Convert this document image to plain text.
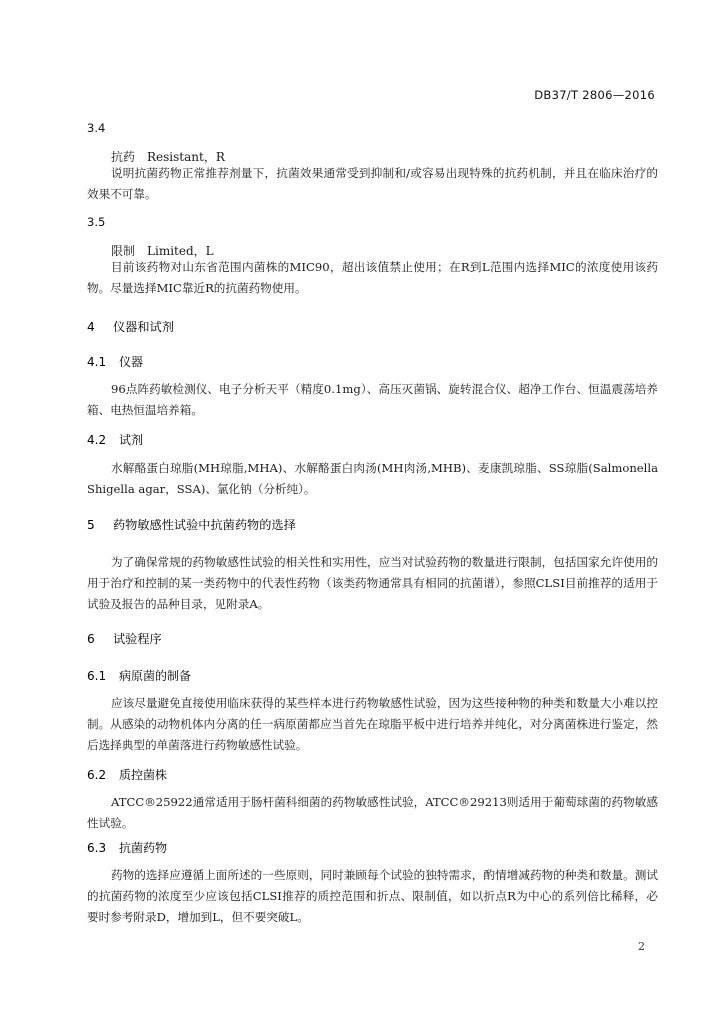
DB37/T 2806—2016
3.4
抗药 Resistant，R
说明抗菌药物正常推荐剂量下，抗菌效果通常受到抑制和/或容易出现特殊的抗药机制，并且在临床治疗的效果不可靠。
3.5
限制 Limited，L
目前该药物对山东省范围内菌株的MIC90，超出该值禁止使用；在R到L范围内选择MIC的浓度使用该药物。尽量选择MIC靠近R的抗菌药物使用。
4 仪器和试剂
4.1 仪器
96点阵药敏检测仪、电子分析天平（精度0.1mg）、高压灭菌锅、旋转混合仪、超净工作台、恒温震荡培养箱、电热恒温培养箱。
4.2 试剂
水解酪蛋白琼脂(MH琼脂,MHA)、水解酪蛋白肉汤(MH肉汤,MHB)、麦康凯琼脂、SS琼脂(Salmonella Shigella agar，SSA)、氯化钠（分析纯）。
5 药物敏感性试验中抗菌药物的选择
为了确保常规的药物敏感性试验的相关性和实用性，应当对试验药物的数量进行限制，包括国家允许使用的用于治疗和控制的某一类药物中的代表性药物（该类药物通常具有相同的抗菌谱），参照CLSI目前推荐的适用于试验及报告的品种目录，见附录A。
6 试验程序
6.1 病原菌的制备
应该尽量避免直接使用临床获得的某些样本进行药物敏感性试验，因为这些接种物的种类和数量大小难以控制。从感染的动物机体内分离的任一病原菌都应当首先在琼脂平板中进行培养并纯化，对分离菌株进行鉴定，然后选择典型的单菌落进行药物敏感性试验。
6.2 质控菌株
ATCC®25922通常适用于肠杆菌科细菌的药物敏感性试验，ATCC®29213则适用于葡萄球菌的药物敏感性试验。
6.3 抗菌药物
药物的选择应遵循上面所述的一些原则，同时兼顾每个试验的独特需求，酌情增减药物的种类和数量。测试的抗菌药物的浓度至少应该包括CLSI推荐的质控范围和折点、限制值，如以折点R为中心的系列倍比稀释，必要时参考附录D，增加到L，但不要突破L。
2
